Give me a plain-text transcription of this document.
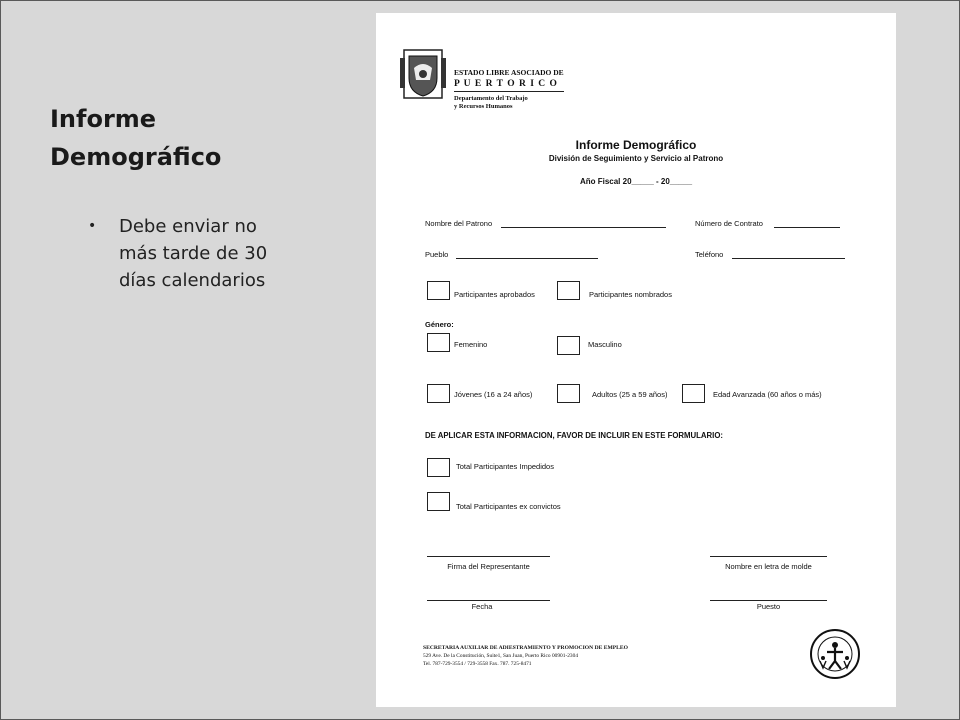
Informe Demográfico
• Debe enviar no más tarde de 30 días calendarios
ESTADO LIBRE ASOCIADO DE
P U E R T O R I C O
Departamento del Trabajo
y Recursos Humanos
Informe Demográfico
División de Seguimiento y Servicio al Patrono
Año Fiscal 20_____ - 20_____
Nombre del Patrono	Número de Contrato
Pueblo	Teléfono
Participantes aprobados	Participantes nombrados
Género:
Femenino	Masculino
Jóvenes (16 a 24 años)	Adultos (25 a 59 años)	Edad Avanzada (60 años o más)
DE APLICAR ESTA INFORMACION, FAVOR DE INCLUIR EN ESTE FORMULARIO:
Total Participantes Impedidos
Total Participantes ex convictos
Firma del Representante	Nombre en letra de molde
Fecha	Puesto
SECRETARIA AUXILIAR DE ADIESTRAMIENTO Y PROMOCION DE EMPLEO
529 Ave. De la Constitución, Suite1, San Juan, Puerto Rico 00901-2304
Tel. 787-729-3554 / 729-3558 Fax. 787. 725-8471
